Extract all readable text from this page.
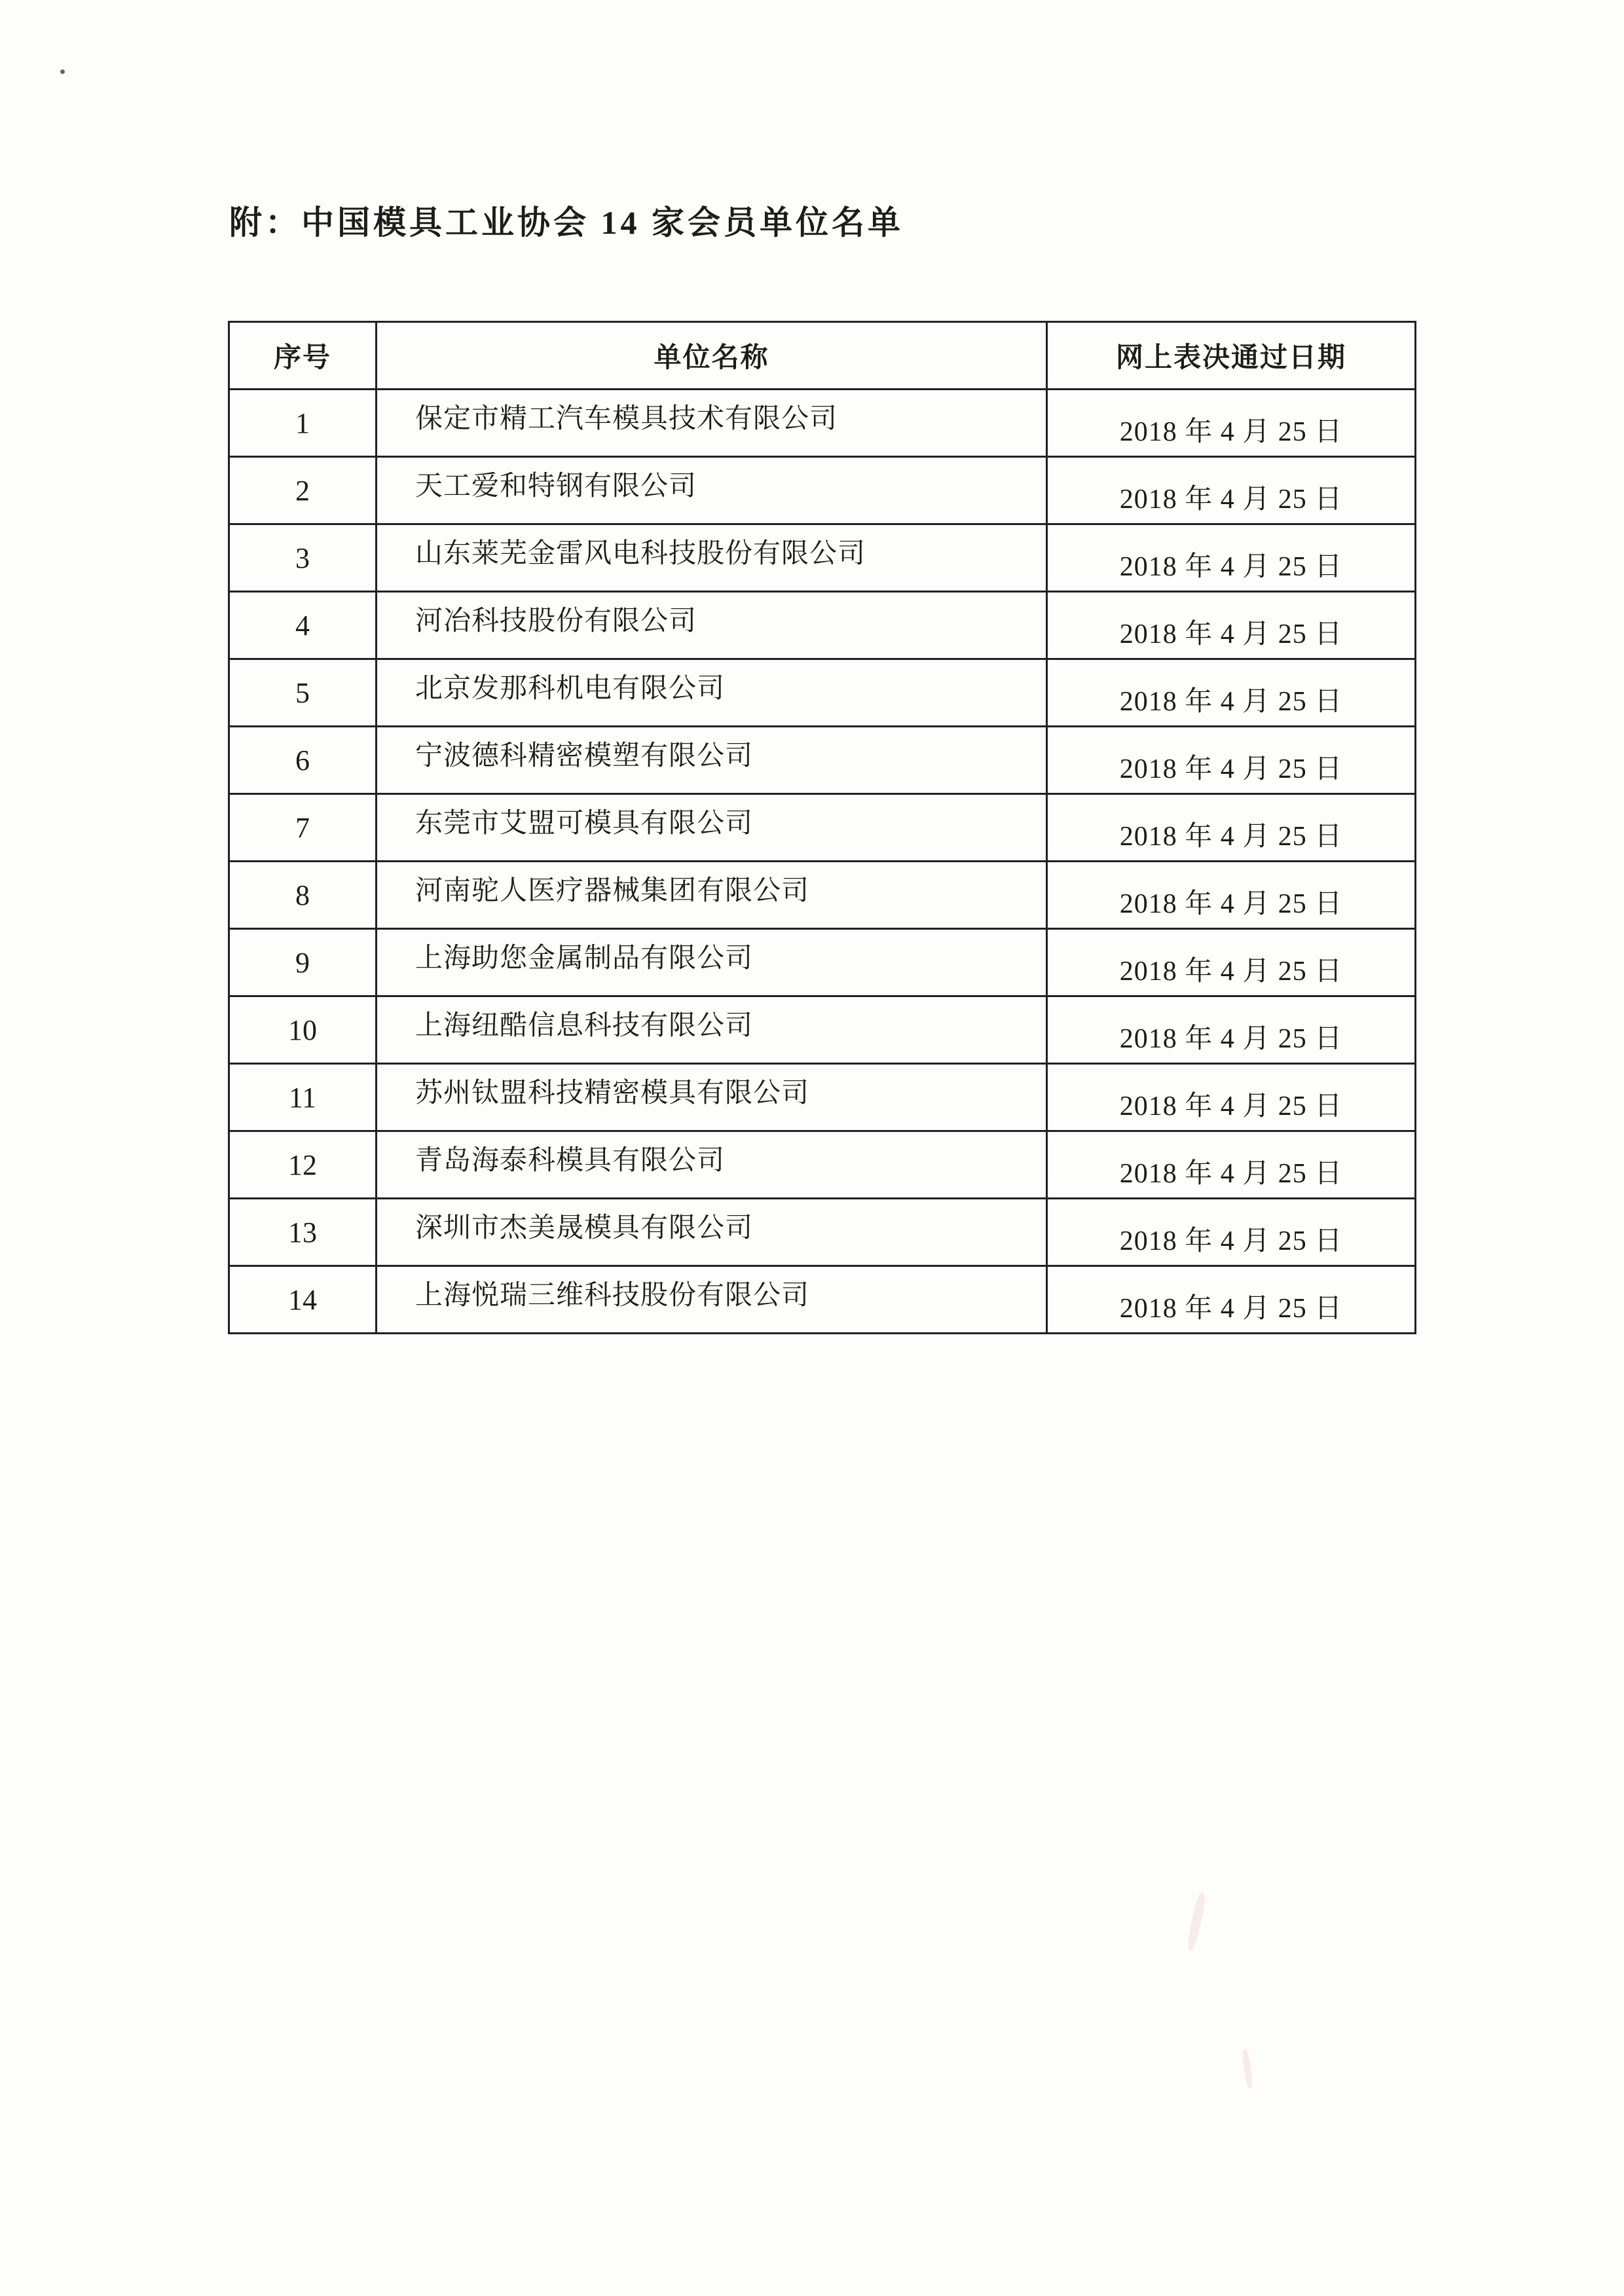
附：中国模具工业协会 14 家会员单位名单
序号	单位名称	网上表决通过日期
1	保定市精工汽车模具技术有限公司	2018 年 4 月 25 日
2	天工爱和特钢有限公司	2018 年 4 月 25 日
3	山东莱芜金雷风电科技股份有限公司	2018 年 4 月 25 日
4	河冶科技股份有限公司	2018 年 4 月 25 日
5	北京发那科机电有限公司	2018 年 4 月 25 日
6	宁波德科精密模塑有限公司	2018 年 4 月 25 日
7	东莞市艾盟可模具有限公司	2018 年 4 月 25 日
8	河南驼人医疗器械集团有限公司	2018 年 4 月 25 日
9	上海助您金属制品有限公司	2018 年 4 月 25 日
10	上海纽酷信息科技有限公司	2018 年 4 月 25 日
11	苏州钛盟科技精密模具有限公司	2018 年 4 月 25 日
12	青岛海泰科模具有限公司	2018 年 4 月 25 日
13	深圳市杰美晟模具有限公司	2018 年 4 月 25 日
14	上海悦瑞三维科技股份有限公司	2018 年 4 月 25 日
